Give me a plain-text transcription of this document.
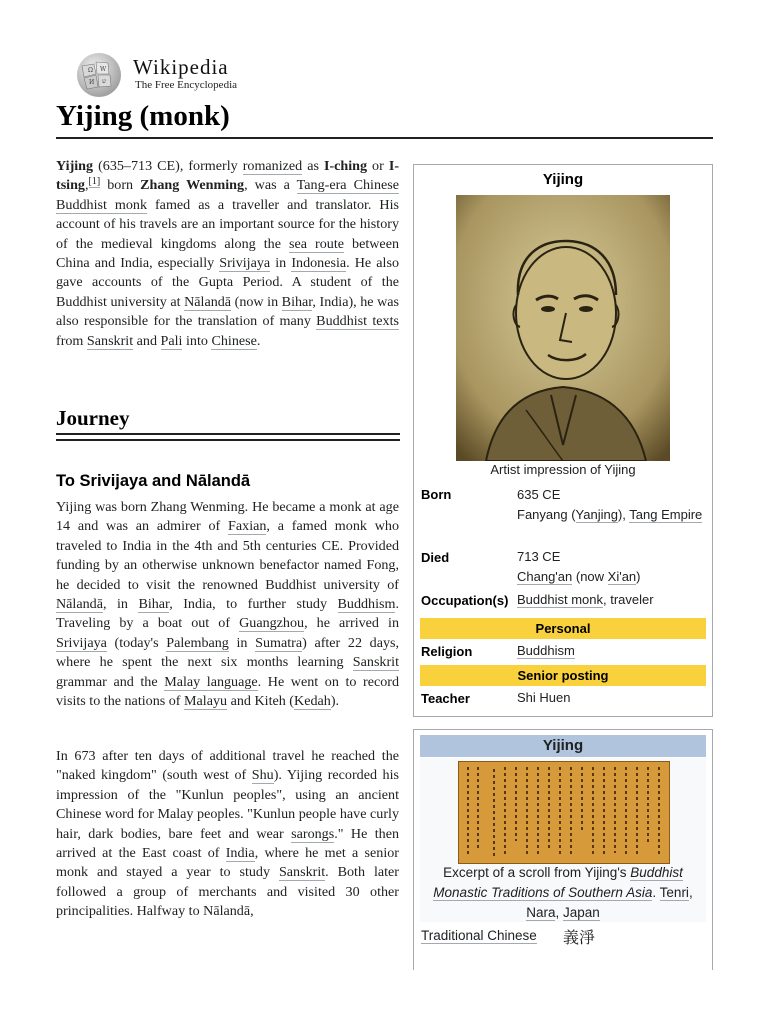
Ω W
И ש
Wikipedia
The Free Encyclopedia
Yijing (monk)

Yijing (635–713 CE), formerly romanized as I-ching or I-tsing,[1] born Zhang Wenming, was a Tang-era Chinese Buddhist monk famed as a traveller and translator. His account of his travels are an important source for the history of the medieval kingdoms along the sea route between China and India, especially Srivijaya in Indonesia. He also gave accounts of the Gupta Period. A student of the Buddhist university at Nālandā (now in Bihar, India), he was also responsible for the translation of many Buddhist texts from Sanskrit and Pali into Chinese.

Journey
To Srivijaya and Nālandā

Yijing was born Zhang Wenming. He became a monk at age 14 and was an admirer of Faxian, a famed monk who traveled to India in the 4th and 5th centuries CE. Provided funding by an otherwise unknown benefactor named Fong, he decided to visit the renowned Buddhist university of Nālandā, in Bihar, India, to further study Buddhism. Traveling by a boat out of Guangzhou, he arrived in Srivijaya (today's Palembang in Sumatra) after 22 days, where he spent the next six months learning Sanskrit grammar and the Malay language. He went on to record visits to the nations of Malayu and Kiteh (Kedah).

In 673 after ten days of additional travel he reached the "naked kingdom" (south west of Shu). Yijing recorded his impression of the "Kunlun peoples", using an ancient Chinese word for Malay peoples. "Kunlun people have curly hair, dark bodies, bare feet and wear sarongs." He then arrived at the East coast of India, where he met a senior monk and stayed a year to study Sanskrit. Both later followed a group of merchants and visited 30 other principalities. Halfway to Nālandā,

Yijing
Artist impression of Yijing
Born	635 CE
Fanyang (Yanjing), Tang Empire
Died	713 CE
Chang'an (now Xi'an)
Occupation(s) Buddhist monk, traveler
Personal
Religion	Buddhism
Senior posting
Teacher	Shi Huen
Yijing
Excerpt of a scroll from Yijing's Buddhist Monastic Traditions of Southern Asia. Tenri, Nara, Japan
Traditional Chinese 義淨
